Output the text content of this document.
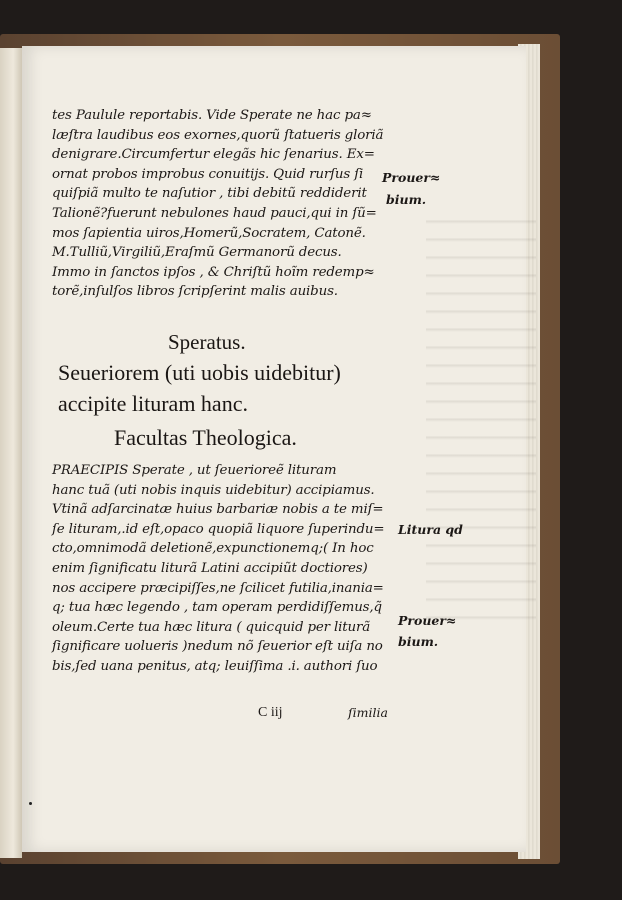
tes Paulule reportabis. Vide Sperate ne hac pa≈
læſtra laudibus eos exornes,quorũ ſtatueris gloriã
denigrare.Circumfertur elegãs hic ſenarius. Ex=
ornat probos improbus conuitijs. Quid rurſus ſi
quiſpiã multo te naſutior , tibi debitũ reddiderit
Talionẽ?fuerunt nebulones haud pauci,qui in ſũ=
mos ſapientia uiros,Homerũ,Socratem, Catonẽ.
M.Tulliũ,Virgiliũ,Eraſmũ Germanorũ decus.
Immo in ſanctos ipſos , & Chriſtũ hoĩm redemp≈
torẽ,inſulſos libros ſcripſerint malis auibus.
Speratus.
Seueriorem (uti uobis uidebitur)
accipite lituram hanc.
Facultas Theologica.
PRAECIPIS Sperate , ut ſeuerioreẽ lituram
hanc tuã (uti nobis inquis uidebitur) accipiamus.
Vtinã adſarcinatæ huius barbariæ nobis a te miſ=
ſe lituram,.id eſt,opaco quopiã liquore ſuperindu=
cto,omnimodã deletionẽ,expunctionemq;( In hoc
enim ſignificatu liturã Latini accipiũt doctiores)
nos accipere præcipiſſes,ne ſcilicet futilia,inania=
q; tua hæc legendo , tam operam perdidiſſemus,q̃
oleum.Certe tua hæc litura ( quicquid per liturã
ſignificare uolueris )nedum nõ ſeuerior eſt uiſa no
bis,ſed uana penitus, atq; leuiſſima .i. authori ſuo
Prouer≈
bium.
Litura qd
Prouer≈
bium.
C iij	ſimilia
